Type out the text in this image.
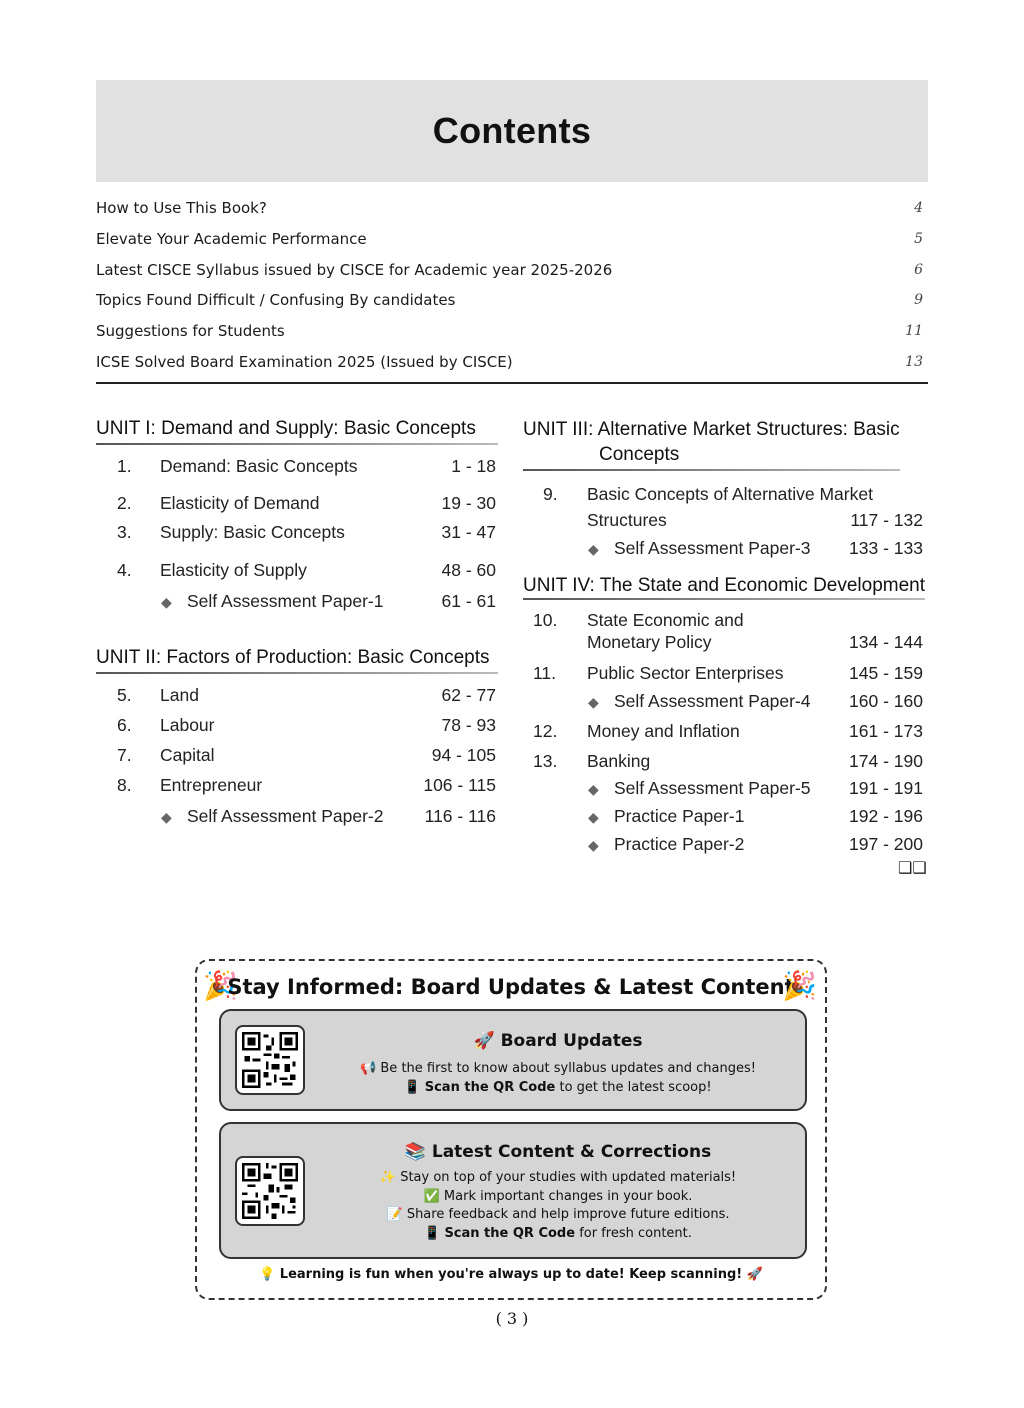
Contents
How to Use This Book?	4
Elevate Your Academic Performance	5
Latest CISCE Syllabus issued by CISCE for Academic year 2025-2026	6
Topics Found Difficult / Confusing By candidates	9
Suggestions for Students	11
ICSE Solved Board Examination 2025 (Issued by CISCE)	13
UNIT I: Demand and Supply: Basic Concepts
1. Demand: Basic Concepts	1 - 18
2. Elasticity of Demand	19 - 30
3. Supply: Basic Concepts	31 - 47
4. Elasticity of Supply	48 - 60
◆ Self Assessment Paper-1	61 - 61
UNIT II: Factors of Production: Basic Concepts
5. Land	62 - 77
6. Labour	78 - 93
7. Capital	94 - 105
8. Entrepreneur	106 - 115
◆ Self Assessment Paper-2 116 - 116
UNIT III: Alternative Market Structures: Basic
Concepts
9. Basic Concepts of Alternative Market
Structures	117 - 132
◆ Self Assessment Paper-3 133 - 133
UNIT IV: The State and Economic Development
10. State Economic and
Monetary Policy	134 - 144
11. Public Sector Enterprises	145 - 159
◆ Self Assessment Paper-4 160 - 160
12. Money and Inflation	161 - 173
13. Banking	174 - 190
◆ Self Assessment Paper-5 191 - 191
◆ Practice Paper-1	192 - 196
◆ Practice Paper-2	197 - 200
❑❑
🎉
Stay Informed: Board Updates & Latest Content
🎉
🚀 Board Updates
📢 Be the first to know about syllabus updates and changes!
📱 Scan the QR Code to get the latest scoop!
📚 Latest Content & Corrections
✨ Stay on top of your studies with updated materials!
✅ Mark important changes in your book.
📝 Share feedback and help improve future editions.
📱 Scan the QR Code for fresh content.
💡 Learning is fun when you're always up to date! Keep scanning! 🚀
( 3 )
